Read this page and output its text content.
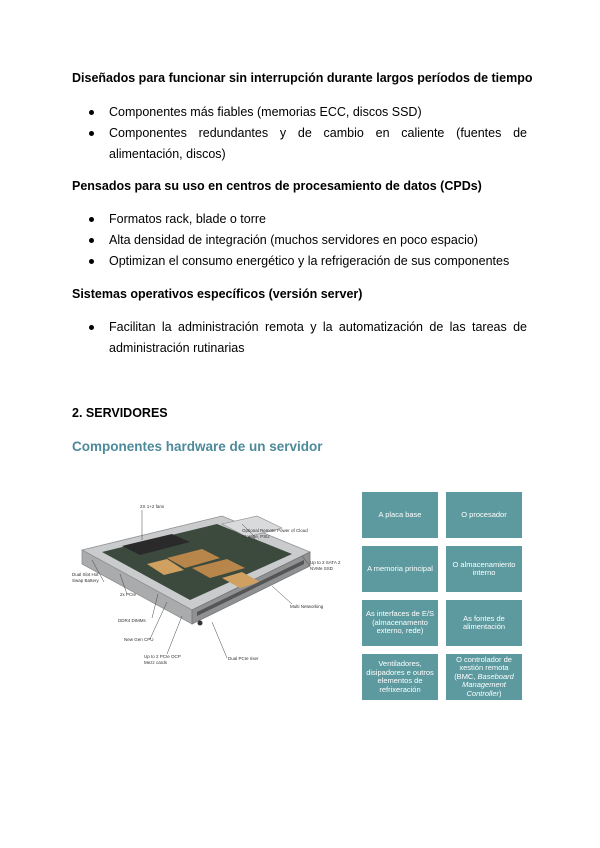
Diseñados para funcionar sin interrupción durante largos períodos de tiempo

Componentes más fiables (memorias ECC, discos SSD)
Componentes redundantes y de cambio en caliente (fuentes de alimentación, discos)

Pensados para su uso en centros de procesamiento de datos (CPDs)

Formatos rack, blade o torre
Alta densidad de integración (muchos servidores en poco espacio)
Optimizan el consumo energético y la refrigeración de sus componentes

Sistemas operativos específicos (versión server)

Facilitan la administración remota y la automatización de las tareas de administración rutinarias

2. SERVIDORES

Componentes hardware de un servidor

2X 1+2 fans
Optional Remote Power of Cloud Storage, PSU
Up to 2 SATA 2 NVMe SSD
Dual Slot Hot Swap Battery
2x PCIe
DDR4 DIMMs
New Gen CPU
Up to 2 PCIe OCP Mezz cards
Dual PCIe riser
Multi Networking
A placa base	O procesador
A memoria principal	O almacenamiento interno
As interfaces de E/S (almacenamento externo, rede)
As fontes de alimentación
Ventiladores, disipadores e outros elementos de refrixeración
O controlador de xestión remota (BMC, Baseboard Management Controller)
